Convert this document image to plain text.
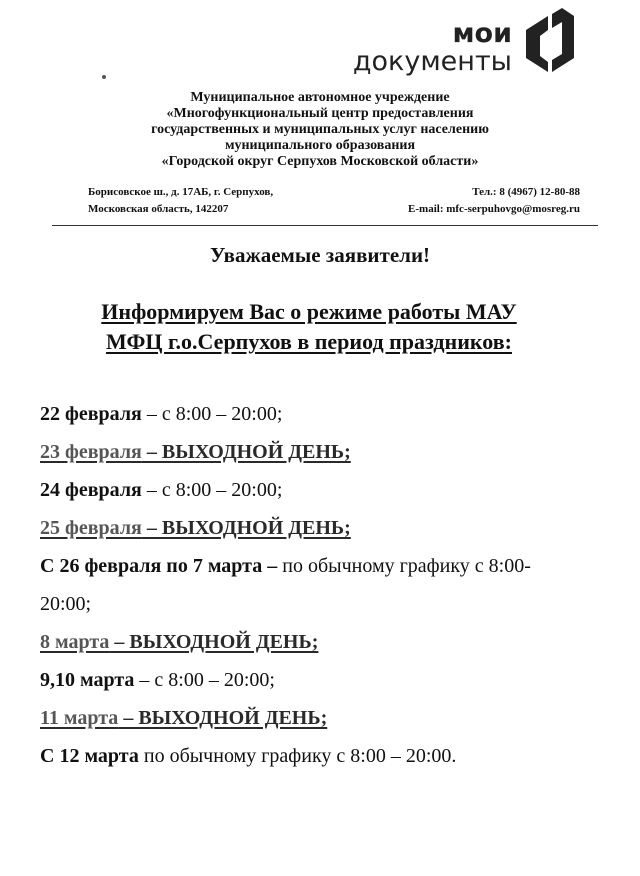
мои
документы
Муниципальное автономное учреждение
«Многофункциональный центр предоставления
государственных и муниципальных услуг населению
муниципального образования
«Городской округ Серпухов Московской области»
Борисовское ш., д. 17АБ, г. Серпухов,
Московская область, 142207
Тел.: 8 (4967) 12-80-88
E-mail: mfc-serpuhovgo@mosreg.ru
Уважаемые заявители!
Информируем Вас о режиме работы МАУ
МФЦ г.о.Серпухов в период праздников:
22 февраля – с 8:00 – 20:00;
23 февраля – ВЫХОДНОЙ ДЕНЬ;
24 февраля – с 8:00 – 20:00;
25 февраля – ВЫХОДНОЙ ДЕНЬ;
С 26 февраля по 7 марта – по обычному графику с 8:00-
20:00;
8 марта – ВЫХОДНОЙ ДЕНЬ;
9,10 марта – с 8:00 – 20:00;
11 марта – ВЫХОДНОЙ ДЕНЬ;
С 12 марта по обычному графику с 8:00 – 20:00.
